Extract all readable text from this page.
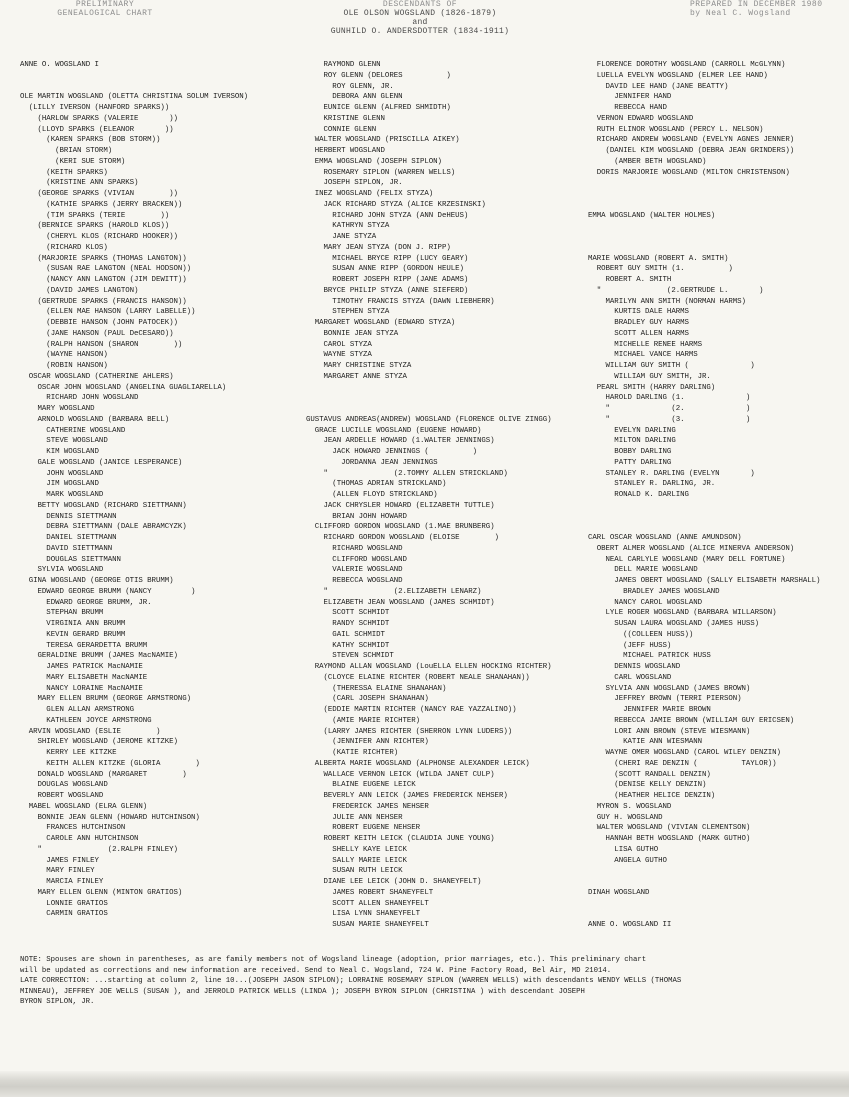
PRELIMINARY
GENEALOGICAL CHART
DESCENDANTS OF
OLE OLSON WOGSLAND (1826-1879)
and
GUNHILD O. ANDERSDOTTER (1834-1911)
PREPARED IN DECEMBER 1980
by Neal C. Wogsland
ANNE O. WOGSLAND I
OLE MARTIN WOGSLAND (OLETTA CHRISTINA SOLUM IVERSON)
(LILLY IVERSON (HANFORD SPARKS))
(HARLOW SPARKS (VALERIE       ))
(LLOYD SPARKS (ELEANOR       ))
(KAREN SPARKS (BOB STORM))
(BRIAN STORM)
(KERI SUE STORM)
(KEITH SPARKS)
(KRISTINE ANN SPARKS)
(GEORGE SPARKS (VIVIAN        ))
(KATHIE SPARKS (JERRY BRACKEN))
(TIM SPARKS (TERIE        ))
(BERNICE SPARKS (HAROLD KLOS))
(CHERYL KLOS (RICHARD HOOKER))
(RICHARD KLOS)
(MARJORIE SPARKS (THOMAS LANGTON))
(SUSAN RAE LANGTON (NEAL HODSON))
(NANCY ANN LANGTON (JIM DEWITT))
(DAVID JAMES LANGTON)
(GERTRUDE SPARKS (FRANCIS HANSON))
(ELLEN MAE HANSON (LARRY LaBELLE))
(DEBBIE HANSON (JOHN PATOCEK))
(JANE HANSON (PAUL DeCESARO))
(RALPH HANSON (SHARON        ))
(WAYNE HANSON)
(ROBIN HANSON)
OSCAR WOGSLAND (CATHERINE AHLERS)
OSCAR JOHN WOGSLAND (ANGELINA GUAGLIARELLA)
RICHARD JOHN WOGSLAND
MARY WOGSLAND
ARNOLD WOGSLAND (BARBARA BELL)
CATHERINE WOGSLAND
STEVE WOGSLAND
KIM WOGSLAND
GALE WOGSLAND (JANICE LESPERANCE)
JOHN WOGSLAND
JIM WOGSLAND
MARK WOGSLAND
BETTY WOGSLAND (RICHARD SIETTMANN)
DENNIS SIETTMANN
DEBRA SIETTMANN (DALE ABRAMCYZK)
DANIEL SIETTMANN
DAVID SIETTMANN
DOUGLAS SIETTMANN
SYLVIA WOGSLAND
GINA WOGSLAND (GEORGE OTIS BRUMM)
EDWARD GEORGE BRUMM (NANCY         )
EDWARD GEORGE BRUMM, JR.
STEPHAN BRUMM
VIRGINIA ANN BRUMM
KEVIN GERARD BRUMM
TERESA GERARDETTA BRUMM
GERALDINE BRUMM (JAMES MacNAMIE)
JAMES PATRICK MacNAMIE
MARY ELISABETH MacNAMIE
NANCY LORAINE MacNAMIE
MARY ELLEN BRUMM (GEORGE ARMSTRONG)
GLEN ALLAN ARMSTRONG
KATHLEEN JOYCE ARMSTRONG
ARVIN WOGSLAND (ESLIE        )
SHIRLEY WOGSLAND (JEROME KITZKE)
KERRY LEE KITZKE
KEITH ALLEN KITZKE (GLORIA        )
DONALD WOGSLAND (MARGARET        )
DOUGLAS WOGSLAND
ROBERT WOGSLAND
MABEL WOGSLAND (ELRA GLENN)
BONNIE JEAN GLENN (HOWARD HUTCHINSON)
FRANCES HUTCHINSON
CAROLE ANN HUTCHINSON
"               (2.RALPH FINLEY)
JAMES FINLEY
MARY FINLEY
MARCIA FINLEY
MARY ELLEN GLENN (MINTON GRATIOS)
LONNIE GRATIOS
CARMIN GRATIOS
RAYMOND GLENN
ROY GLENN (DELORES          )
ROY GLENN, JR.
DEBORA ANN GLENN
EUNICE GLENN (ALFRED SHMIDTH)
KRISTINE GLENN
CONNIE GLENN
WALTER WOGSLAND (PRISCILLA AIKEY)
HERBERT WOGSLAND
EMMA WOGSLAND (JOSEPH SIPLON)
ROSEMARY SIPLON (WARREN WELLS)
JOSEPH SIPLON, JR.
INEZ WOGSLAND (FELIX STYZA)
JACK RICHARD STYZA (ALICE KRZESINSKI)
RICHARD JOHN STYZA (ANN DeHEUS)
KATHRYN STYZA
JANE STYZA
MARY JEAN STYZA (DON J. RIPP)
MICHAEL BRYCE RIPP (LUCY GEARY)
SUSAN ANNE RIPP (GORDON HEULE)
ROBERT JOSEPH RIPP (JANE ADAMS)
BRYCE PHILIP STYZA (ANNE SIEFERD)
TIMOTHY FRANCIS STYZA (DAWN LIEBHERR)
STEPHEN STYZA
MARGARET WOGSLAND (EDWARD STYZA)
BONNIE JEAN STYZA
CAROL STYZA
WAYNE STYZA
MARY CHRISTINE STYZA
MARGARET ANNE STYZA
GUSTAVUS ANDREAS(ANDREW) WOGSLAND (FLORENCE OLIVE ZINGG)
GRACE LUCILLE WOGSLAND (EUGENE HOWARD)
JEAN ARDELLE HOWARD (1.WALTER JENNINGS)
JACK HOWARD JENNINGS (          )
JORDANNA JEAN JENNINGS
"               (2.TOMMY ALLEN STRICKLAND)
(THOMAS ADRIAN STRICKLAND)
(ALLEN FLOYD STRICKLAND)
JACK CHRYSLER HOWARD (ELIZABETH TUTTLE)
BRIAN JOHN HOWARD
CLIFFORD GORDON WOGSLAND (1.MAE BRUNBERG)
RICHARD GORDON WOGSLAND (ELOISE        )
RICHARD WOGSLAND
CLIFFORD WOGSLAND
VALERIE WOGSLAND
REBECCA WOGSLAND
"               (2.ELIZABETH LENARZ)
ELIZABETH JEAN WOGSLAND (JAMES SCHMIDT)
SCOTT SCHMIDT
RANDY SCHMIDT
GAIL SCHMIDT
KATHY SCHMIDT
STEVEN SCHMIDT
RAYMOND ALLAN WOGSLAND (LouELLA ELLEN HOCKING RICHTER)
(CLOYCE ELAINE RICHTER (ROBERT NEALE SHANAHAN))
(THERESSA ELAINE SHANAHAN)
(CARL JOSEPH SHANAHAN)
(EDDIE MARTIN RICHTER (NANCY RAE YAZZALINO))
(AMIE MARIE RICHTER)
(LARRY JAMES RICHTER (SHERRON LYNN LUDERS))
(JENNIFER ANN RICHTER)
(KATIE RICHTER)
ALBERTA MARIE WOGSLAND (ALPHONSE ALEXANDER LEICK)
WALLACE VERNON LEICK (WILDA JANET CULP)
BLAINE EUGENE LEICK
BEVERLY ANN LEICK (JAMES FREDERICK NEHSER)
FREDERICK JAMES NEHSER
JULIE ANN NEHSER
ROBERT EUGENE NEHSER
ROBERT KEITH LEICK (CLAUDIA JUNE YOUNG)
SHELLY KAYE LEICK
SALLY MARIE LEICK
SUSAN RUTH LEICK
DIANE LEE LEICK (JOHN D. SHANEYFELT)
JAMES ROBERT SHANEYFELT
SCOTT ALLEN SHANEYFELT
LISA LYNN SHANEYFELT
SUSAN MARIE SHANEYFELT
FLORENCE DOROTHY WOGSLAND (CARROLL McGLYNN)
LUELLA EVELYN WOGSLAND (ELMER LEE HAND)
DAVID LEE HAND (JANE BEATTY)
JENNIFER HAND
REBECCA HAND
VERNON EDWARD WOGSLAND
RUTH ELINOR WOGSLAND (PERCY L. NELSON)
RICHARD ANDREW WOGSLAND (EVELYN AGNES JENNER)
(DANIEL KIM WOGSLAND (DEBRA JEAN GRINDERS))
(AMBER BETH WOGSLAND)
DORIS MARJORIE WOGSLAND (MILTON CHRISTENSON)
EMMA WOGSLAND (WALTER HOLMES)
MARIE WOGSLAND (ROBERT A. SMITH)
ROBERT GUY SMITH (1.          )
ROBERT A. SMITH
"               (2.GERTRUDE L.       )
MARILYN ANN SMITH (NORMAN HARMS)
KURTIS DALE HARMS
BRADLEY GUY HARMS
SCOTT ALLEN HARMS
MICHELLE RENEE HARMS
MICHAEL VANCE HARMS
WILLIAM GUY SMITH (              )
WILLIAM GUY SMITH, JR.
PEARL SMITH (HARRY DARLING)
HAROLD DARLING (1.              )
"              (2.              )
"              (3.              )
EVELYN DARLING
MILTON DARLING
BOBBY DARLING
PATTY DARLING
STANLEY R. DARLING (EVELYN       )
STANLEY R. DARLING, JR.
RONALD K. DARLING
CARL OSCAR WOGSLAND (ANNE AMUNDSON)
OBERT ALMER WOGSLAND (ALICE MINERVA ANDERSON)
NEAL CARLYLE WOGSLAND (MARY DELL FORTUNE)
DELL MARIE WOGSLAND
JAMES OBERT WOGSLAND (SALLY ELISABETH MARSHALL)
BRADLEY JAMES WOGSLAND
NANCY CAROL WOGSLAND
LYLE ROGER WOGSLAND (BARBARA WILLARSON)
SUSAN LAURA WOGSLAND (JAMES HUSS)
((COLLEEN HUSS))
(JEFF HUSS)
MICHAEL PATRICK HUSS
DENNIS WOGSLAND
CARL WOGSLAND
SYLVIA ANN WOGSLAND (JAMES BROWN)
JEFFREY BROWN (TERRI PIERSON)
JENNIFER MARIE BROWN
REBECCA JAMIE BROWN (WILLIAM GUY ERICSEN)
LORI ANN BROWN (STEVE WIESMANN)
KATIE ANN WIESMANN
WAYNE OMER WOGSLAND (CAROL WILEY DENZIN)
(CHERI RAE DENZIN (          TAYLOR))
(SCOTT RANDALL DENZIN)
(DENISE KELLY DENZIN)
(HEATHER HELICE DENZIN)
MYRON S. WOGSLAND
GUY H. WOGSLAND
WALTER WOGSLAND (VIVIAN CLEMENTSON)
HANNAH BETH WOGSLAND (MARK GUTHO)
LISA GUTHO
ANGELA GUTHO
DINAH WOGSLAND
ANNE O. WOGSLAND II
NOTE: Spouses are shown in parentheses, as are family members not of Wogsland lineage (adoption, prior marriages, etc.). This preliminary chart
will be updated as corrections and new information are received. Send to Neal C. Wogsland, 724 W. Pine Factory Road, Bel Air, MD 21014.
LATE CORRECTION: ...starting at column 2, line 10...(JOSEPH JASON SIPLON); LORRAINE ROSEMARY SIPLON (WARREN WELLS) with descendants WENDY WELLS (THOMAS
MINNEAU), JEFFREY JOE WELLS (SUSAN ), and JERROLD PATRICK WELLS (LINDA ); JOSEPH BYRON SIPLON (CHRISTINA ) with descendant JOSEPH
BYRON SIPLON, JR.
